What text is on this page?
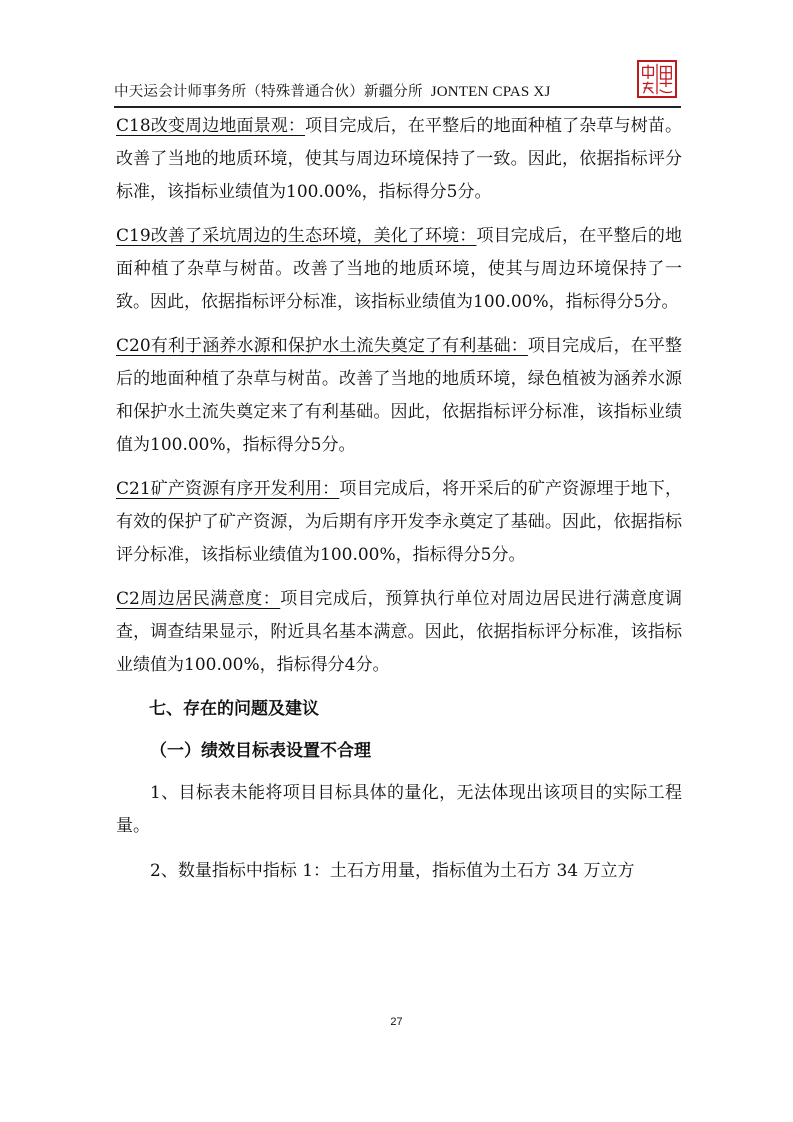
中天运会计师事务所（特殊普通合伙）新疆分所 JONTEN CPAS XJ

C18改变周边地面景观：项目完成后，在平整后的地面种植了杂草与树苗。改善了当地的地质环境，使其与周边环境保持了一致。因此，依据指标评分标准，该指标业绩值为100.00%，指标得分5分。

C19改善了采坑周边的生态环境，美化了环境：项目完成后，在平整后的地面种植了杂草与树苗。改善了当地的地质环境，使其与周边环境保持了一致。因此，依据指标评分标准，该指标业绩值为100.00%，指标得分5分。

C20有利于涵养水源和保护水土流失奠定了有利基础：项目完成后，在平整后的地面种植了杂草与树苗。改善了当地的地质环境，绿色植被为涵养水源和保护水土流失奠定来了有利基础。因此，依据指标评分标准，该指标业绩值为100.00%，指标得分5分。

C21矿产资源有序开发利用：项目完成后，将开采后的矿产资源埋于地下，有效的保护了矿产资源，为后期有序开发李永奠定了基础。因此，依据指标评分标准，该指标业绩值为100.00%，指标得分5分。

C2周边居民满意度：项目完成后，预算执行单位对周边居民进行满意度调查，调查结果显示，附近具名基本满意。因此，依据指标评分标准，该指标业绩值为100.00%，指标得分4分。

七、存在的问题及建议
（一）绩效目标表设置不合理

1、目标表未能将项目目标具体的量化，无法体现出该项目的实际工程量。

2、数量指标中指标 1：土石方用量，指标值为土石方 34 万立方

27
